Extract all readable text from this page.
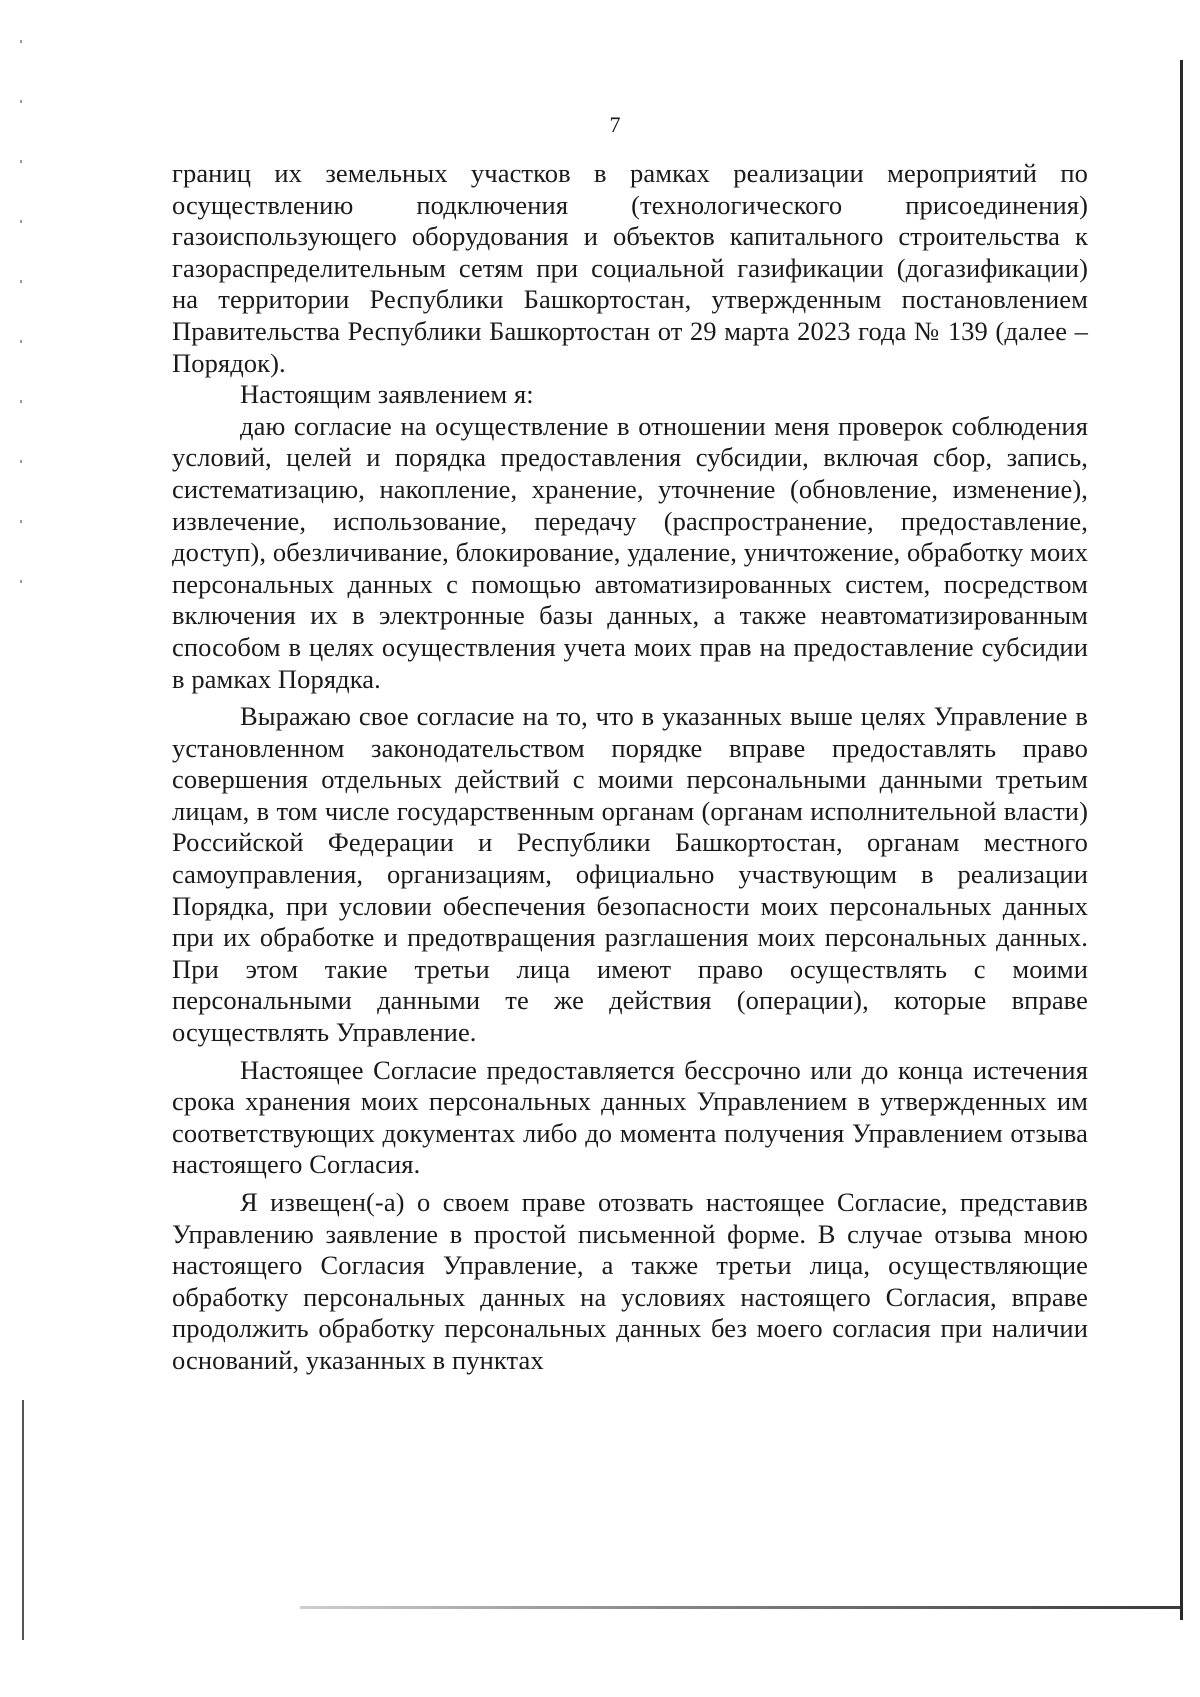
7

границ их земельных участков в рамках реализации мероприятий по осуществлению подключения (технологического присоединения) газоиспользующего оборудования и объектов капитального строительства к газораспределительным сетям при социальной газификации (догазификации) на территории Республики Башкортостан, утвержденным постановлением Правительства Республики Башкортостан от 29 марта 2023 года № 139 (далее – Порядок).

Настоящим заявлением я:

даю согласие на осуществление в отношении меня проверок соблюдения условий, целей и порядка предоставления субсидии, включая сбор, запись, систематизацию, накопление, хранение, уточнение (обновление, изменение), извлечение, использование, передачу (распространение, предоставление, доступ), обезличивание, блокирование, удаление, уничтожение, обработку моих персональных данных с помощью автоматизированных систем, посредством включения их в электронные базы данных, а также неавтоматизированным способом в целях осуществления учета моих прав на предоставление субсидии в рамках Порядка.

Выражаю свое согласие на то, что в указанных выше целях Управление в установленном законодательством порядке вправе предоставлять право совершения отдельных действий с моими персональными данными третьим лицам, в том числе государственным органам (органам исполнительной власти) Российской Федерации и Республики Башкортостан, органам местного самоуправления, организациям, официально участвующим в реализации Порядка, при условии обеспечения безопасности моих персональных данных при их обработке и предотвращения разглашения моих персональных данных. При этом такие третьи лица имеют право осуществлять с моими персональными данными те же действия (операции), которые вправе осуществлять Управление.

Настоящее Согласие предоставляется бессрочно или до конца истечения срока хранения моих персональных данных Управлением в утвержденных им соответствующих документах либо до момента получения Управлением отзыва настоящего Согласия.

Я извещен(-а) о своем праве отозвать настоящее Согласие, представив Управлению заявление в простой письменной форме. В случае отзыва мною настоящего Согласия Управление, а также третьи лица, осуществляющие обработку персональных данных на условиях настоящего Согласия, вправе продолжить обработку персональных данных без моего согласия при наличии оснований, указанных в пунктах
